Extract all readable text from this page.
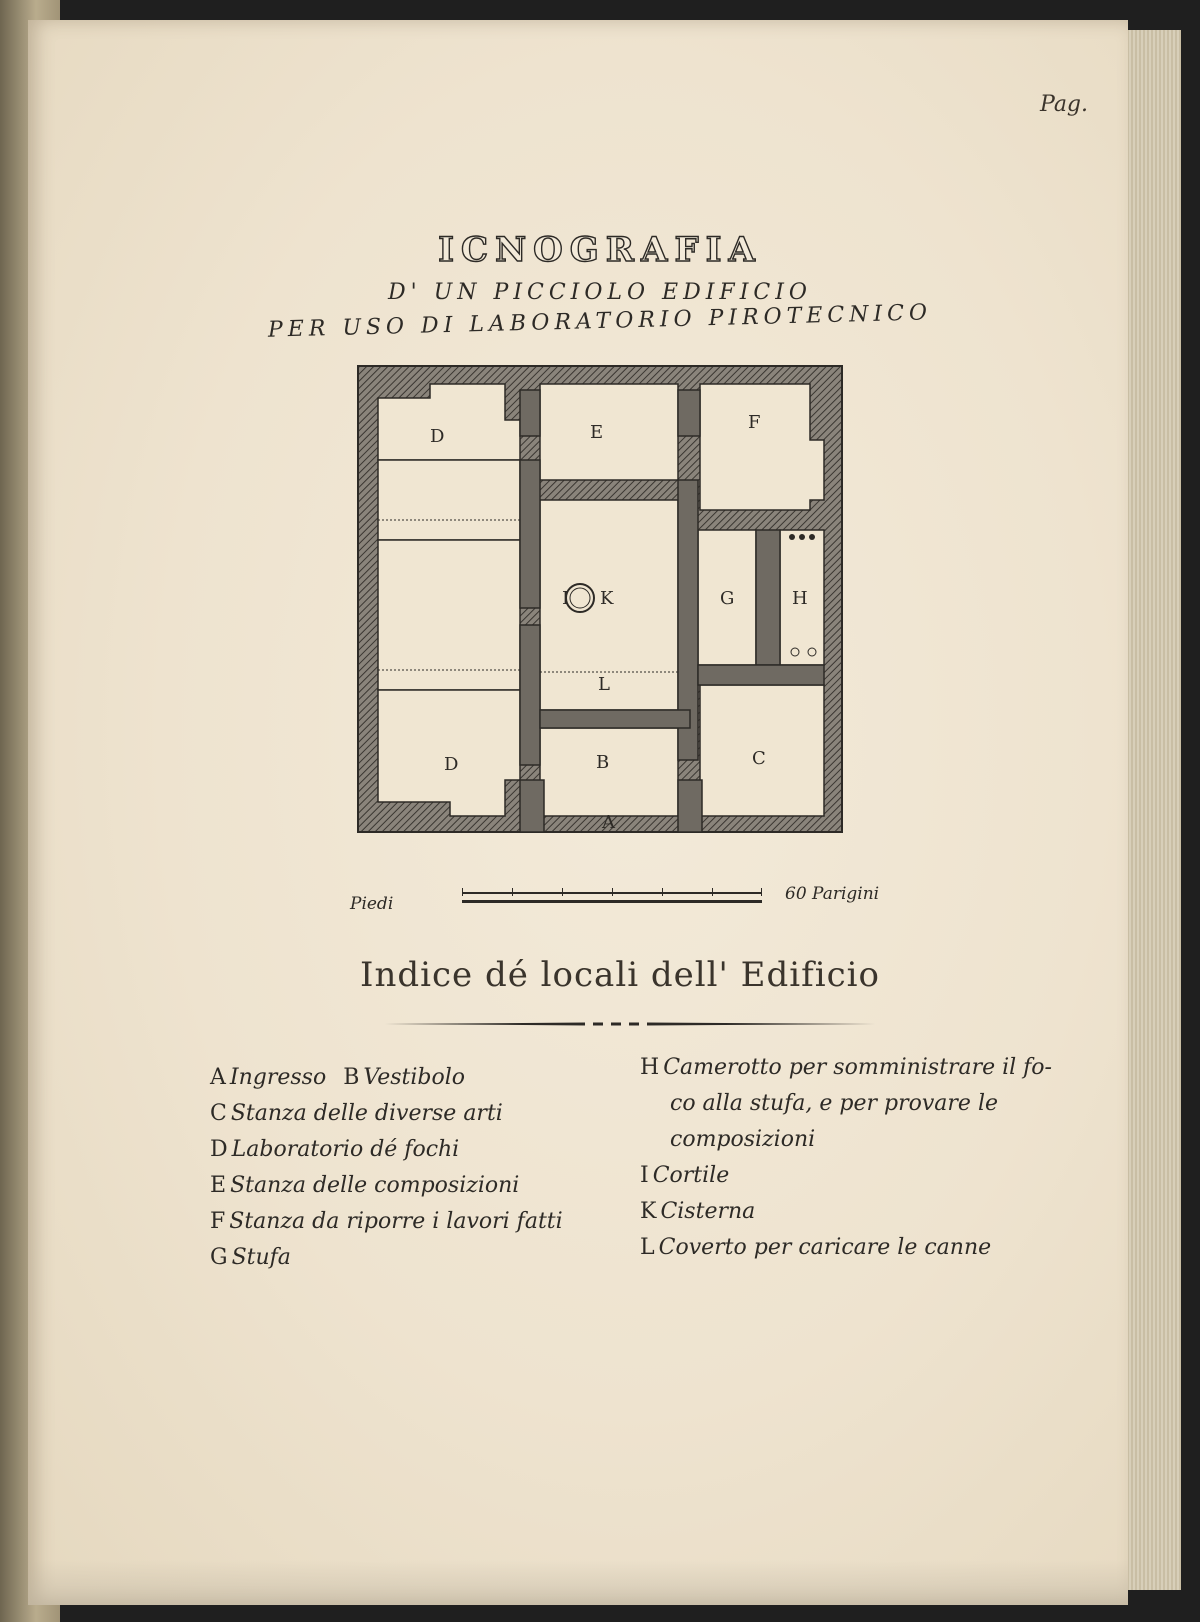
Pag.
ICNOGRAFIA
D' UN PICCIOLO EDIFICIO
PER USO DI LABORATORIO PIROTECNICO
D	E	F
I K	G	H
L
D	B	C
A
Piedi	60 Parigini
Indice dé locali dell' Edificio
A Ingresso B Vestibolo
C Stanza delle diverse arti
D Laboratorio dé fochi
E Stanza delle composizioni
F Stanza da riporre i lavori fatti
G Stufa
H Camerotto per somministrare il fo-
co alla stufa, e per provare le
composizioni
I Cortile
K Cisterna
L Coverto per caricare le canne
